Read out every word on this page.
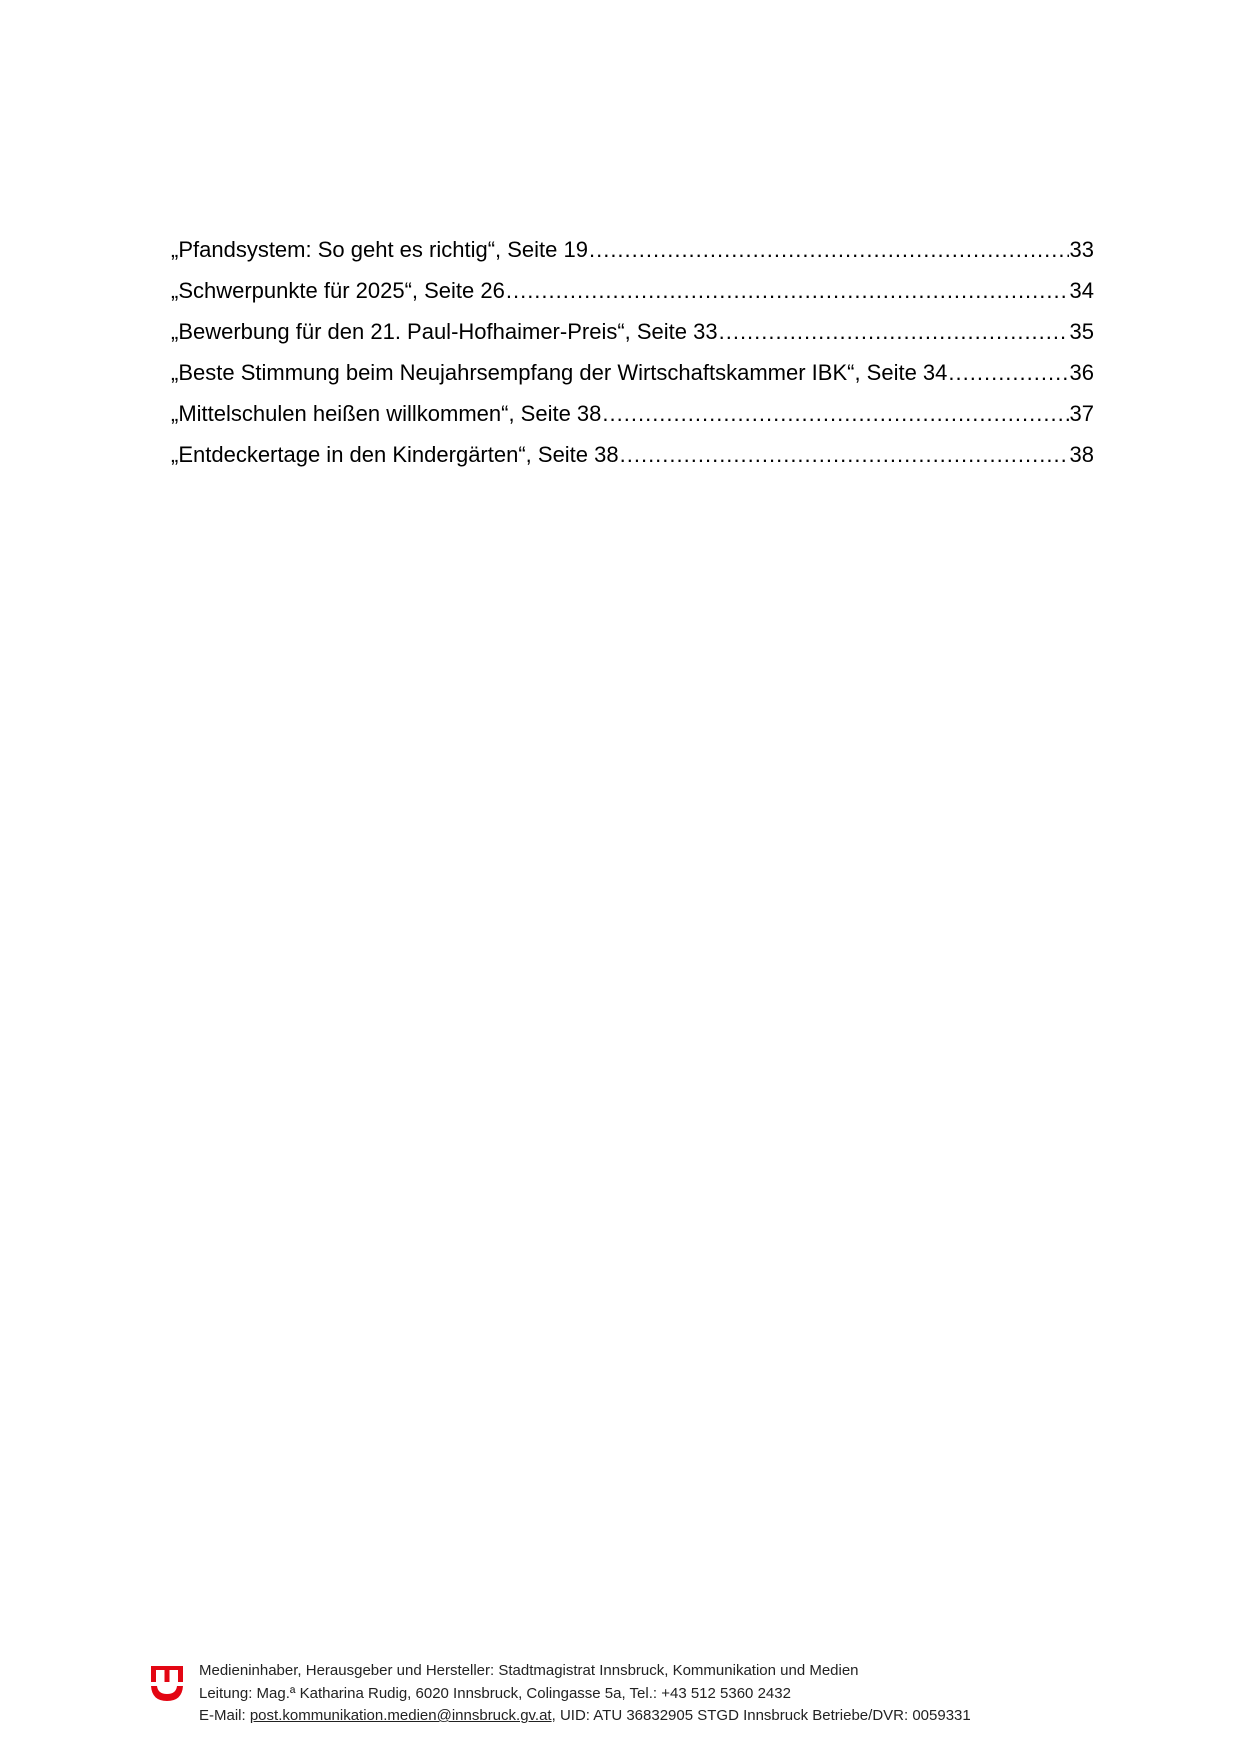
„Pfandsystem: So geht es richtig“, Seite 19 .....	33
„Schwerpunkte für 2025“, Seite 26 .....	34
„Bewerbung für den 21. Paul-Hofhaimer-Preis“, Seite 33 .....	35
„Beste Stimmung beim Neujahrsempfang der Wirtschaftskammer IBK“, Seite 34 .....	36
„Mittelschulen heißen willkommen“, Seite 38 .....	37
„Entdeckertage in den Kindergärten“, Seite 38 .....	38
Medieninhaber, Herausgeber und Hersteller: Stadtmagistrat Innsbruck, Kommunikation und Medien
Leitung: Mag.ª Katharina Rudig, 6020 Innsbruck, Colingasse 5a, Tel.: +43 512 5360 2432
E-Mail: post.kommunikation.medien@innsbruck.gv.at, UID: ATU 36832905 STGD Innsbruck Betriebe/DVR: 0059331
